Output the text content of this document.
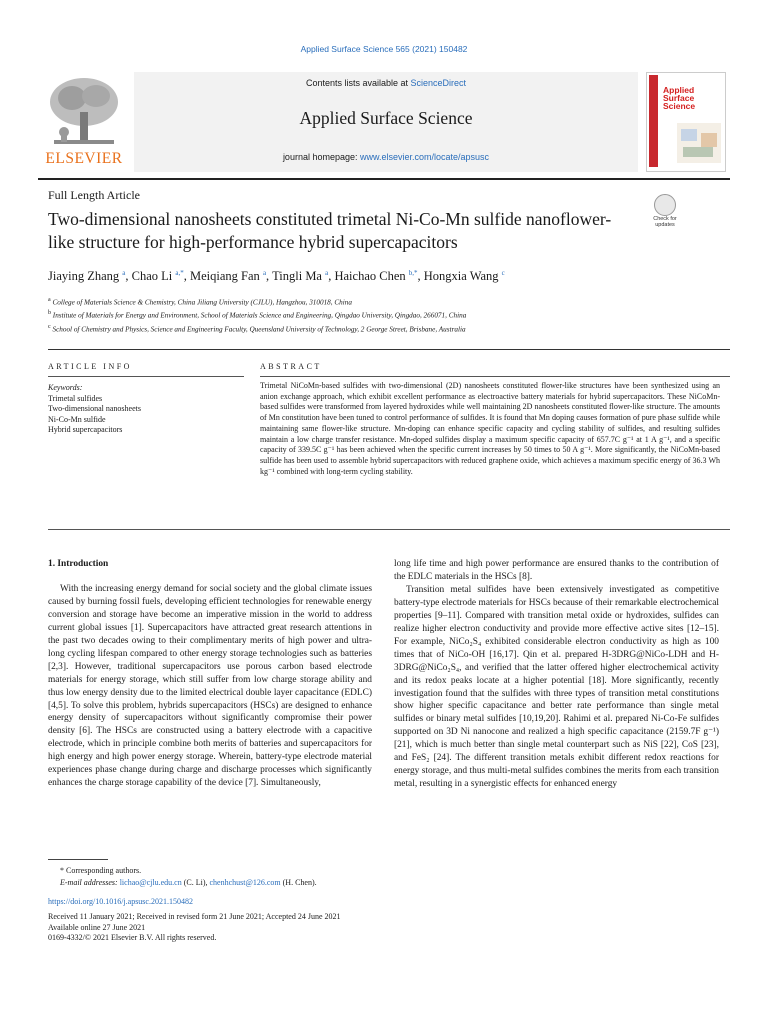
Applied Surface Science 565 (2021) 150482
ELSEVIER
Contents lists available at ScienceDirect
Applied Surface Science
journal homepage: www.elsevier.com/locate/apsusc
Applied
Surface Science
Full Length Article
Two-dimensional nanosheets constituted trimetal Ni-Co-Mn sulfide nanoflower-like structure for high-performance hybrid supercapacitors
Check for
updates
Jiaying Zhang $^a$, Chao Li $^{a,*}$, Meiqiang Fan $^a$, Tingli Ma $^a$, Haichao Chen $^{b,*}$, Hongxia Wang $^c$
$^a$ College of Materials Science & Chemistry, China Jiliang University (CJLU), Hangzhou, 310018, China
$^b$ Institute of Materials for Energy and Environment, School of Materials Science and Engineering, Qingdao University, Qingdao, 266071, China
$^c$ School of Chemistry and Physics, Science and Engineering Faculty, Queensland University of Technology, 2 George Street, Brisbane, Australia
ARTICLE INFO	ABSTRACT
Keywords:
Trimetal sulfides
Two-dimensional nanosheets
Ni-Co-Mn sulfide
Hybrid supercapacitors
Trimetal NiCoMn-based sulfides with two-dimensional (2D) nanosheets constituted flower-like structures have been synthesized using an anion exchange approach, which exhibit excellent performance as electroactive battery materials for hybrid supercapacitors. These NiCoMn-based sulfides were transformed from layered hydroxides while well maintaining 2D nanosheets constituted flower-like structure. The amounts of Mn constitution have been tuned to control performance of sulfides. It is found that Mn doping causes formation of pure phase sulfide while maintaining same flower-like structure. Mn-doping can enhance specific capacity and cycling stability of sulfides, and resulting sulfides maintain a low charge transfer resistance. Mn-doped sulfides display a maximum specific capacity of 657.7C g⁻¹ at 1 A g⁻¹, and a specific capacity of 339.5C g⁻¹ has been achieved when the specific current increases by 50 times to 50 A g⁻¹. More significantly, the NiCoMn-based sulfide has been used to assemble hybrid supercapacitors with reduced graphene oxide, which achieves a maximum specific energy of 36.3 Wh kg⁻¹ combined with long-term cycling stability.
1. Introduction

With the increasing energy demand for social society and the global climate issues caused by burning fossil fuels, developing efficient technologies for renewable energy conversion and storage have become an imperative mission in the world to address current global issues [1]. Supercapacitors have attracted great research attentions in the past two decades owing to their complimentary merits of high power and ultra-long cycling lifespan compared to other energy storage technologies such as batteries [2,3]. However, traditional supercapacitors use porous carbon based electrode materials for energy storage, which still suffer from low charge storage ability and thus low energy density due to the limited electrical double layer capacitance (EDLC) [4,5]. To solve this problem, hybrids supercapacitors (HSCs) are designed to enhance energy density of supercapacitors without significantly compromise their power density [6]. The HSCs are constructed using a battery electrode with a capacitive electrode, which in principle combine both merits of batteries and supercapacitors for high energy and high power energy storage. Wherein, battery-type electrode material experiences phase change during charge and discharge processes which significantly enhances the charge storage capability of the device [7]. Simultaneously,

long life time and high power performance are ensured thanks to the contribution of the EDLC materials in the HSCs [8].

Transition metal sulfides have been extensively investigated as competitive battery-type electrode materials for HSCs because of their remarkable electrochemical properties [9–11]. Compared with transition metal oxide or hydroxides, sulfides can realize higher electron conductivity and provide more effective active sites [12–15]. For example, NiCo₂S₄ exhibited considerable electron conductivity as high as 100 times that of NiCo-OH [16,17]. Qin et al. prepared H-3DRG@NiCo-LDH and H-3DRG@NiCo₂S₄, and verified that the latter offered higher electrochemical activity and its redox peaks locate at a higher potential [18]. More significantly, recently investigation found that the sulfides with three types of transition metal constitutions show higher specific capacitance and better rate performance than single metal sulfides or binary metal sulfides [10,19,20]. Rahimi et al. prepared Ni-Co-Fe sulfides supported on 3D Ni nanocone and realized a high specific capacitance (2159.7F g⁻¹) [21], which is much better than single metal counterpart such as NiS [22], CoS [23], and FeS₂ [24]. The different transition metals exhibit different redox reactions for energy storage, and thus multi-metal sulfides combines the merits from each transition metal, resulting in a synergistic effects for enhanced energy

* Corresponding authors.
E-mail addresses: lichao@cjlu.edu.cn (C. Li), chenhchust@126.com (H. Chen).
https://doi.org/10.1016/j.apsusc.2021.150482
Received 11 January 2021; Received in revised form 21 June 2021; Accepted 24 June 2021
Available online 27 June 2021
0169-4332/© 2021 Elsevier B.V. All rights reserved.
